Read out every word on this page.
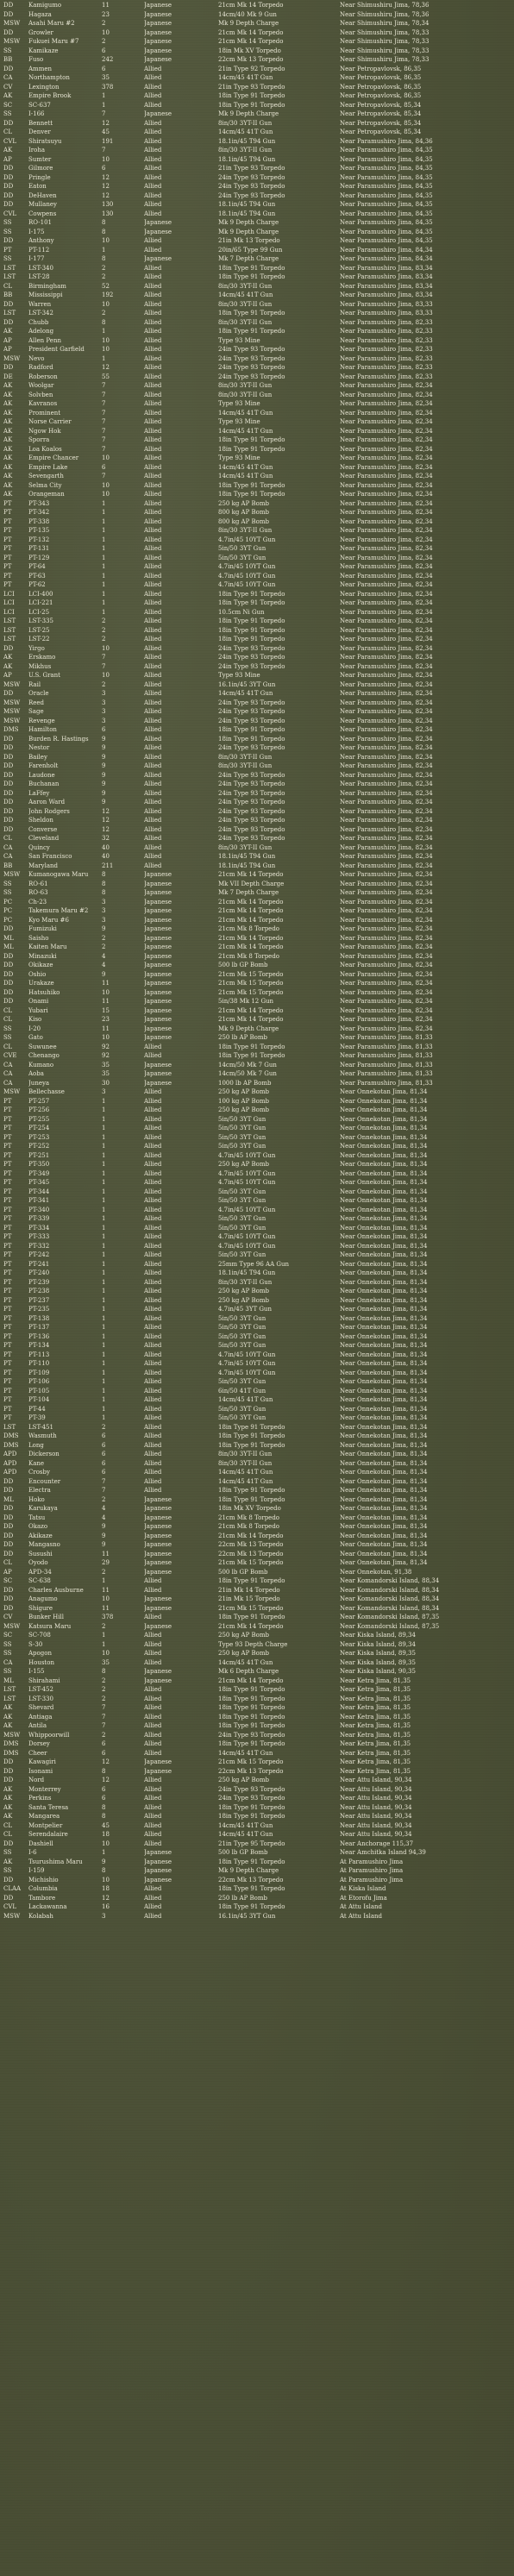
DD	Kamigumo	11	Japanese	21cm Mk 14 Torpedo	Near Shimushiru Jima, 78,36
DD	Hagaza	23	Japanese	14cm/40 Mk 9 Gun	Near Shimushiru Jima, 78,36
MSW	Asahi Maru #2	2	Japanese	Mk 9 Depth Charge	Near Shimushiru Jima, 78,34
DD	Growler	10	Japanese	21cm Mk 14 Torpedo	Near Shimushiru Jima, 78,33
MSW	Fukuei Maru #7	2	Japanese	21cm Mk 14 Torpedo	Near Shimushiru Jima, 78,33
SS	Kamikaze	6	Japanese	18in Mk XV Torpedo	Near Shimushiru Jima, 78,33
BB	Fuso	242	Japanese	22cm Mk 13 Torpedo	Near Shimushiru Jima, 78,33
DD	Ammen	6	Allied	21in Type 92 Torpedo	Near Petropavlovsk, 86,35
CA	Northampton	35	Allied	14cm/45 41T Gun	Near Petropavlovsk, 86,35
CV	Lexington	378	Allied	21in Type 93 Torpedo	Near Petropavlovsk, 86,35
AK	Empire Brook	1	Allied	18in Type 91 Torpedo	Near Petropavlovsk, 86,35
SC	SC-637	1	Allied	18in Type 91 Torpedo	Near Petropavlovsk, 85,34
SS	I-166	7	Japanese	Mk 9 Depth Charge	Near Petropavlovsk, 85,34
DD	Bennett	12	Allied	8in/30 3YT-II Gun	Near Petropavlovsk, 85,34
CL	Denver	45	Allied	14cm/45 41T Gun	Near Petropavlovsk, 85,34
CVL	Shiratsuyu	191	Allied	18.1in/45 T94 Gun	Near Paramushiro Jima, 84,36
AK	Iroha	7	Allied	8in/30 3YT-II Gun	Near Paramushiro Jima, 84,35
AP	Sumter	10	Allied	18.1in/45 T94 Gun	Near Paramushiro Jima, 84,35
DD	Gilmore	6	Allied	21in Type 93 Torpedo	Near Paramushiro Jima, 84,35
DD	Pringle	12	Allied	24in Type 93 Torpedo	Near Paramushiro Jima, 84,35
DD	Eaton	12	Allied	24in Type 93 Torpedo	Near Paramushiro Jima, 84,35
DD	DeHaven	12	Allied	24in Type 93 Torpedo	Near Paramushiro Jima, 84,35
DD	Mullaney	130	Allied	18.1in/45 T94 Gun	Near Paramushiro Jima, 84,35
CVL	Cowpens	130	Allied	18.1in/45 T94 Gun	Near Paramushiro Jima, 84,35
SS	RO-101	8	Japanese	Mk 9 Depth Charge	Near Paramushiro Jima, 84,35
SS	I-175	8	Japanese	Mk 9 Depth Charge	Near Paramushiro Jima, 84,35
DD	Anthony	10	Allied	21in Mk 13 Torpedo	Near Paramushiro Jima, 84,35
PT	PT-112	1	Allied	20in/65 Type 99 Gun	Near Paramushiro Jima, 84,34
SS	I-177	8	Japanese	Mk 7 Depth Charge	Near Paramushiro Jima, 84,34
LST	LST-340	2	Allied	18in Type 91 Torpedo	Near Paramushiro Jima, 83,34
LST	LST-28	2	Allied	18in Type 91 Torpedo	Near Paramushiro Jima, 83,34
CL	Birmingham	52	Allied	8in/30 3YT-II Gun	Near Paramushiro Jima, 83,34
BB	Mississippi	192	Allied	14cm/45 41T Gun	Near Paramushiro Jima, 83,34
DD	Warren	10	Allied	8in/30 3YT-II Gun	Near Paramushiro Jima, 83,33
LST	LST-342	2	Allied	18in Type 91 Torpedo	Near Paramushiro Jima, 83,33
DD	Chubb	8	Allied	8in/30 3YT-II Gun	Near Paramushiro Jima, 82,33
AK	Adelong	1	Allied	18in Type 91 Torpedo	Near Paramushiro Jima, 82,33
AP	Allen Penn	10	Allied	Type 93 Mine	Near Paramushiro Jima, 82,33
AP	President Garfield	10	Allied	24in Type 93 Torpedo	Near Paramushiro Jima, 82,33
MSW	Nevo	1	Allied	24in Type 93 Torpedo	Near Paramushiro Jima, 82,33
DD	Radford	12	Allied	24in Type 93 Torpedo	Near Paramushiro Jima, 82,33
DE	Roberson	55	Allied	24in Type 93 Torpedo	Near Paramushiro Jima, 82,33
AK	Woolgar	7	Allied	8in/30 3YT-II Gun	Near Paramushiro Jima, 82,34
AK	Solvben	7	Allied	8in/30 3YT-II Gun	Near Paramushiro Jima, 82,34
AK	Kavranos	7	Allied	Type 93 Mine	Near Paramushiro Jima, 82,34
AK	Prominent	7	Allied	14cm/45 41T Gun	Near Paramushiro Jima, 82,34
AK	Norse Carrier	7	Allied	Type 93 Mine	Near Paramushiro Jima, 82,34
AK	Ngow Hok	7	Allied	14cm/45 41T Gun	Near Paramushiro Jima, 82,34
AK	Sporra	7	Allied	18in Type 91 Torpedo	Near Paramushiro Jima, 82,34
AK	Loa Koalos	7	Allied	18in Type 91 Torpedo	Near Paramushiro Jima, 82,34
AK	Empire Chancer	10	Allied	Type 93 Mine	Near Paramushiro Jima, 82,34
AK	Empire Lake	6	Allied	14cm/45 41T Gun	Near Paramushiro Jima, 82,34
AK	Sevengarth	7	Allied	14cm/45 41T Gun	Near Paramushiro Jima, 82,34
AK	Selma City	10	Allied	18in Type 91 Torpedo	Near Paramushiro Jima, 82,34
AK	Orangeman	10	Allied	18in Type 91 Torpedo	Near Paramushiro Jima, 82,34
PT	PT-343	1	Allied	250 kg AP Bomb	Near Paramushiro Jima, 82,34
PT	PT-342	1	Allied	800 kg AP Bomb	Near Paramushiro Jima, 82,34
PT	PT-338	1	Allied	800 kg AP Bomb	Near Paramushiro Jima, 82,34
PT	PT-135	1	Allied	8in/30 3YT-II Gun	Near Paramushiro Jima, 82,34
PT	PT-132	1	Allied	4.7in/45 10YT Gun	Near Paramushiro Jima, 82,34
PT	PT-131	1	Allied	5in/50 3YT Gun	Near Paramushiro Jima, 82,34
PT	PT-129	1	Allied	5in/50 3YT Gun	Near Paramushiro Jima, 82,34
PT	PT-64	1	Allied	4.7in/45 10YT Gun	Near Paramushiro Jima, 82,34
PT	PT-63	1	Allied	4.7in/45 10YT Gun	Near Paramushiro Jima, 82,34
PT	PT-62	1	Allied	4.7in/45 10YT Gun	Near Paramushiro Jima, 82,34
LCI	LCI-400	1	Allied	18in Type 91 Torpedo	Near Paramushiro Jima, 82,34
LCI	LCI-221	1	Allied	18in Type 91 Torpedo	Near Paramushiro Jima, 82,34
LCI	LCI-25	1	Allied	10.5cm Ni Gun	Near Paramushiro Jima, 82,34
LST	LST-335	2	Allied	18in Type 91 Torpedo	Near Paramushiro Jima, 82,34
LST	LST-25	2	Allied	18in Type 91 Torpedo	Near Paramushiro Jima, 82,34
LST	LST-22	2	Allied	18in Type 91 Torpedo	Near Paramushiro Jima, 82,34
DD	Yirgo	10	Allied	24in Type 93 Torpedo	Near Paramushiro Jima, 82,34
AK	Erskamo	7	Allied	24in Type 93 Torpedo	Near Paramushiro Jima, 82,34
AK	Mikhus	7	Allied	24in Type 93 Torpedo	Near Paramushiro Jima, 82,34
AP	U.S. Grant	10	Allied	Type 93 Mine	Near Paramushiro Jima, 82,34
MSW	Rail	2	Allied	16.1in/45 3YT Gun	Near Paramushiro Jima, 82,34
DD	Oracle	3	Allied	14cm/45 41T Gun	Near Paramushiro Jima, 82,34
MSW	Reed	3	Allied	24in Type 93 Torpedo	Near Paramushiro Jima, 82,34
MSW	Sage	3	Allied	24in Type 93 Torpedo	Near Paramushiro Jima, 82,34
MSW	Revenge	3	Allied	24in Type 93 Torpedo	Near Paramushiro Jima, 82,34
DMS	Hamilton	6	Allied	18in Type 91 Torpedo	Near Paramushiro Jima, 82,34
DD	Burden R. Hastings	9	Allied	18in Type 91 Torpedo	Near Paramushiro Jima, 82,34
DD	Nestor	9	Allied	24in Type 93 Torpedo	Near Paramushiro Jima, 82,34
DD	Bailey	9	Allied	8in/30 3YT-II Gun	Near Paramushiro Jima, 82,34
DD	Farenholt	9	Allied	8in/30 3YT-II Gun	Near Paramushiro Jima, 82,34
DD	Laudone	9	Allied	24in Type 93 Torpedo	Near Paramushiro Jima, 82,34
DD	Buchanan	9	Allied	24in Type 93 Torpedo	Near Paramushiro Jima, 82,34
DD	LaFfey	9	Allied	24in Type 93 Torpedo	Near Paramushiro Jima, 82,34
DD	Aaron Ward	9	Allied	24in Type 93 Torpedo	Near Paramushiro Jima, 82,34
DD	John Rodgers	12	Allied	24in Type 93 Torpedo	Near Paramushiro Jima, 82,34
DD	Sheldon	12	Allied	24in Type 93 Torpedo	Near Paramushiro Jima, 82,34
DD	Converse	12	Allied	24in Type 93 Torpedo	Near Paramushiro Jima, 82,34
CL	Cleveland	32	Allied	24in Type 93 Torpedo	Near Paramushiro Jima, 82,34
CA	Quincy	40	Allied	8in/30 3YT-II Gun	Near Paramushiro Jima, 82,34
CA	San Francisco	40	Allied	18.1in/45 T94 Gun	Near Paramushiro Jima, 82,34
BB	Maryland	211	Allied	18.1in/45 T94 Gun	Near Paramushiro Jima, 82,34
MSW	Kumanogawa Maru	8	Japanese	21cm Mk 14 Torpedo	Near Paramushiro Jima, 82,34
SS	RO-61	8	Japanese	Mk VII Depth Charge	Near Paramushiro Jima, 82,34
SS	RO-63	8	Japanese	Mk 7 Depth Charge	Near Paramushiro Jima, 82,34
PC	Ch-23	3	Japanese	21cm Mk 14 Torpedo	Near Paramushiro Jima, 82,34
PC	Takemura Maru #2	3	Japanese	21cm Mk 14 Torpedo	Near Paramushiro Jima, 82,34
PC	Kyo Maru #6	3	Japanese	21cm Mk 14 Torpedo	Near Paramushiro Jima, 82,34
DD	Fumizuki	9	Japanese	21cm Mk 8 Torpedo	Near Paramushiro Jima, 82,34
ML	Saisho	2	Japanese	21cm Mk 14 Torpedo	Near Paramushiro Jima, 82,34
ML	Kaiten Maru	2	Japanese	21cm Mk 14 Torpedo	Near Paramushiro Jima, 82,34
DD	Minazuki	4	Japanese	21cm Mk 8 Torpedo	Near Paramushiro Jima, 82,34
DD	Okikaze	4	Japanese	500 lb GP Bomb	Near Paramushiro Jima, 82,34
DD	Oshio	9	Japanese	21cm Mk 15 Torpedo	Near Paramushiro Jima, 82,34
DD	Urakaze	11	Japanese	21cm Mk 15 Torpedo	Near Paramushiro Jima, 82,34
DD	Hatsuhiko	10	Japanese	21cm Mk 15 Torpedo	Near Paramushiro Jima, 82,34
DD	Onami	11	Japanese	5in/38 Mk 12 Gun	Near Paramushiro Jima, 82,34
CL	Yubari	15	Japanese	21cm Mk 14 Torpedo	Near Paramushiro Jima, 82,34
CL	Kiso	23	Japanese	21cm Mk 14 Torpedo	Near Paramushiro Jima, 82,34
SS	I-20	11	Japanese	Mk 9 Depth Charge	Near Paramushiro Jima, 82,34
SS	Gato	10	Japanese	250 lb AP Bomb	Near Paramushiro Jima, 81,33
CL	Suwunee	92	Allied	18in Type 91 Torpedo	Near Paramushiro Jima, 81,33
CVE	Chenango	92	Allied	18in Type 91 Torpedo	Near Paramushiro Jima, 81,33
CA	Kumano	35	Japanese	14cm/50 Mk 7 Gun	Near Paramushiro Jima, 81,33
CA	Aoba	35	Japanese	14cm/50 Mk 7 Gun	Near Paramushiro Jima, 81,33
CA	Juneya	30	Japanese	1000 lb AP Bomb	Near Paramushiro Jima, 81,33
MSW	Bellechasse	3	Allied	250 kg AP Bomb	Near Onnekotan Jima, 81,34
PT	PT-257	1	Allied	100 kg AP Bomb	Near Onnekotan Jima, 81,34
PT	PT-256	1	Allied	250 kg AP Bomb	Near Onnekotan Jima, 81,34
PT	PT-255	1	Allied	5in/50 3YT Gun	Near Onnekotan Jima, 81,34
PT	PT-254	1	Allied	5in/50 3YT Gun	Near Onnekotan Jima, 81,34
PT	PT-253	1	Allied	5in/50 3YT Gun	Near Onnekotan Jima, 81,34
PT	PT-252	1	Allied	5in/50 3YT Gun	Near Onnekotan Jima, 81,34
PT	PT-251	1	Allied	4.7in/45 10YT Gun	Near Onnekotan Jima, 81,34
PT	PT-350	1	Allied	250 kg AP Bomb	Near Onnekotan Jima, 81,34
PT	PT-349	1	Allied	4.7in/45 10YT Gun	Near Onnekotan Jima, 81,34
PT	PT-345	1	Allied	4.7in/45 10YT Gun	Near Onnekotan Jima, 81,34
PT	PT-344	1	Allied	5in/50 3YT Gun	Near Onnekotan Jima, 81,34
PT	PT-341	1	Allied	5in/50 3YT Gun	Near Onnekotan Jima, 81,34
PT	PT-340	1	Allied	4.7in/45 10YT Gun	Near Onnekotan Jima, 81,34
PT	PT-339	1	Allied	5in/50 3YT Gun	Near Onnekotan Jima, 81,34
PT	PT-334	1	Allied	5in/50 3YT Gun	Near Onnekotan Jima, 81,34
PT	PT-333	1	Allied	4.7in/45 10YT Gun	Near Onnekotan Jima, 81,34
PT	PT-332	1	Allied	4.7in/45 10YT Gun	Near Onnekotan Jima, 81,34
PT	PT-242	1	Allied	5in/50 3YT Gun	Near Onnekotan Jima, 81,34
PT	PT-241	1	Allied	25mm Type 96 AA Gun	Near Onnekotan Jima, 81,34
PT	PT-240	1	Allied	18.1in/45 T94 Gun	Near Onnekotan Jima, 81,34
PT	PT-239	1	Allied	8in/30 3YT-II Gun	Near Onnekotan Jima, 81,34
PT	PT-238	1	Allied	250 kg AP Bomb	Near Onnekotan Jima, 81,34
PT	PT-237	1	Allied	250 kg AP Bomb	Near Onnekotan Jima, 81,34
PT	PT-235	1	Allied	4.7in/45 3YT Gun	Near Onnekotan Jima, 81,34
PT	PT-138	1	Allied	5in/50 3YT Gun	Near Onnekotan Jima, 81,34
PT	PT-137	1	Allied	5in/50 3YT Gun	Near Onnekotan Jima, 81,34
PT	PT-136	1	Allied	5in/50 3YT Gun	Near Onnekotan Jima, 81,34
PT	PT-134	1	Allied	5in/50 3YT Gun	Near Onnekotan Jima, 81,34
PT	PT-113	1	Allied	4.7in/45 10YT Gun	Near Onnekotan Jima, 81,34
PT	PT-110	1	Allied	4.7in/45 10YT Gun	Near Onnekotan Jima, 81,34
PT	PT-109	1	Allied	4.7in/45 10YT Gun	Near Onnekotan Jima, 81,34
PT	PT-106	1	Allied	5in/50 3YT Gun	Near Onnekotan Jima, 81,34
PT	PT-105	1	Allied	6in/50 41T Gun	Near Onnekotan Jima, 81,34
PT	PT-104	1	Allied	14cm/45 41T Gun	Near Onnekotan Jima, 81,34
PT	PT-44	1	Allied	5in/50 3YT Gun	Near Onnekotan Jima, 81,34
PT	PT-39	1	Allied	5in/50 3YT Gun	Near Onnekotan Jima, 81,34
LST	LST-451	2	Allied	18in Type 91 Torpedo	Near Onnekotan Jima, 81,34
DMS	Wasmuth	6	Allied	18in Type 91 Torpedo	Near Onnekotan Jima, 81,34
DMS	Long	6	Allied	18in Type 91 Torpedo	Near Onnekotan Jima, 81,34
APD	Dickerson	6	Allied	8in/30 3YT-II Gun	Near Onnekotan Jima, 81,34
APD	Kane	6	Allied	8in/30 3YT-II Gun	Near Onnekotan Jima, 81,34
APD	Crosby	6	Allied	14cm/45 41T Gun	Near Onnekotan Jima, 81,34
DD	Encounter	7	Allied	14cm/45 41T Gun	Near Onnekotan Jima, 81,34
DD	Electra	7	Allied	18in Type 91 Torpedo	Near Onnekotan Jima, 81,34
ML	Hoko	2	Japanese	18in Type 91 Torpedo	Near Onnekotan Jima, 81,34
DD	Karukaya	4	Japanese	18in Mk XV Torpedo	Near Onnekotan Jima, 81,34
DD	Tatsu	4	Japanese	21cm Mk 8 Torpedo	Near Onnekotan Jima, 81,34
DD	Okazo	9	Japanese	21cm Mk 8 Torpedo	Near Onnekotan Jima, 81,34
DD	Akikaze	9	Japanese	21cm Mk 14 Torpedo	Near Onnekotan Jima, 81,34
DD	Mangasno	9	Japanese	22cm Mk 13 Torpedo	Near Onnekotan Jima, 81,34
DD	Susushi	11	Japanese	22cm Mk 13 Torpedo	Near Onnekotan Jima, 81,34
CL	Oyodo	29	Japanese	21cm Mk 15 Torpedo	Near Onnekotan Jima, 81,34
AP	APD-34	2	Japanese	500 lb GP Bomb	Near Onnekotan, 91,38
SC	SC-638	1	Allied	18in Type 91 Torpedo	Near Komandorski Island, 88,34
DD	Charles Ausburne	11	Allied	21in Mk 14 Torpedo	Near Komandorski Island, 88,34
DD	Anagumo	10	Japanese	21in Mk 15 Torpedo	Near Komandorski Island, 88,34
DD	Shigure	11	Japanese	21cm Mk 15 Torpedo	Near Komandorski Island, 88,34
CV	Bunker Hill	378	Allied	18in Type 91 Torpedo	Near Komandorski Island, 87,35
MSW	Katsura Maru	2	Japanese	21cm Mk 14 Torpedo	Near Komandorski Island, 87,35
SC	SC-708	1	Allied	250 kg AP Bomb	Near Kiska Island, 89,34
SS	S-30	1	Allied	Type 93 Depth Charge	Near Kiska Island, 89,34
SS	Apogon	10	Allied	250 kg AP Bomb	Near Kiska Island, 89,35
CA	Houston	35	Allied	14cm/45 41T Gun	Near Kiska Island, 89,35
SS	I-155	8	Japanese	Mk 6 Depth Charge	Near Kiska Island, 90,35
ML	Shirahami	2	Japanese	21cm Mk 14 Torpedo	Near Ketra Jima, 81,35
LST	LST-452	2	Allied	18in Type 91 Torpedo	Near Ketra Jima, 81,35
LST	LST-330	2	Allied	18in Type 91 Torpedo	Near Ketra Jima, 81,35
AK	Shevard	7	Allied	18in Type 91 Torpedo	Near Ketra Jima, 81,35
AK	Antiaga	7	Allied	18in Type 91 Torpedo	Near Ketra Jima, 81,35
AK	Antila	7	Allied	18in Type 91 Torpedo	Near Ketra Jima, 81,35
MSW	Whippoorwill	2	Allied	24in Type 93 Torpedo	Near Ketra Jima, 81,35
DMS	Dorsey	6	Allied	18in Type 91 Torpedo	Near Ketra Jima, 81,35
DMS	Cheer	6	Allied	14cm/45 41T Gun	Near Ketra Jima, 81,35
DD	Kawagiri	12	Japanese	21cm Mk 15 Torpedo	Near Ketra Jima, 81,35
DD	Isonami	8	Japanese	22cm Mk 13 Torpedo	Near Ketra Jima, 81,35
DD	Nord	12	Allied	250 kg AP Bomb	Near Attu Island, 90,34
AK	Monterrey	6	Allied	24in Type 93 Torpedo	Near Attu Island, 90,34
AK	Perkins	6	Allied	24in Type 93 Torpedo	Near Attu Island, 90,34
AK	Santa Teresa	8	Allied	18in Type 91 Torpedo	Near Attu Island, 90,34
AK	Mangarea	8	Allied	18in Type 91 Torpedo	Near Attu Island, 90,34
CL	Montpelier	45	Allied	14cm/45 41T Gun	Near Attu Island, 90,34
CL	Serendalaire	18	Allied	14cm/45 41T Gun	Near Attu Island, 90,34
DD	Dashiell	10	Allied	21in Type 95 Torpedo	Near Anchorage 115,37
SS	I-6	1	Japanese	500 lb GP Bomb	Near Amchitka Island 94,39
AK	Tsurushima Maru	9	Japanese	18in Type 91 Torpedo	At Paramushiro Jima
SS	I-159	8	Japanese	Mk 9 Depth Charge	At Paramushiro Jima
DD	Michishio	10	Japanese	22cm Mk 13 Torpedo	At Paramushiro Jima
CLAA	Columbia	18	Allied	18in Type 91 Torpedo	At Kiska Island
DD	Tambore	12	Allied	250 lb AP Bomb	At Etorofu Jima
CVL	Lackawanna	16	Allied	18in Type 91 Torpedo	At Attu Island
MSW	Kolabah	3	Allied	16.1in/45 3YT Gun	At Attu Island
